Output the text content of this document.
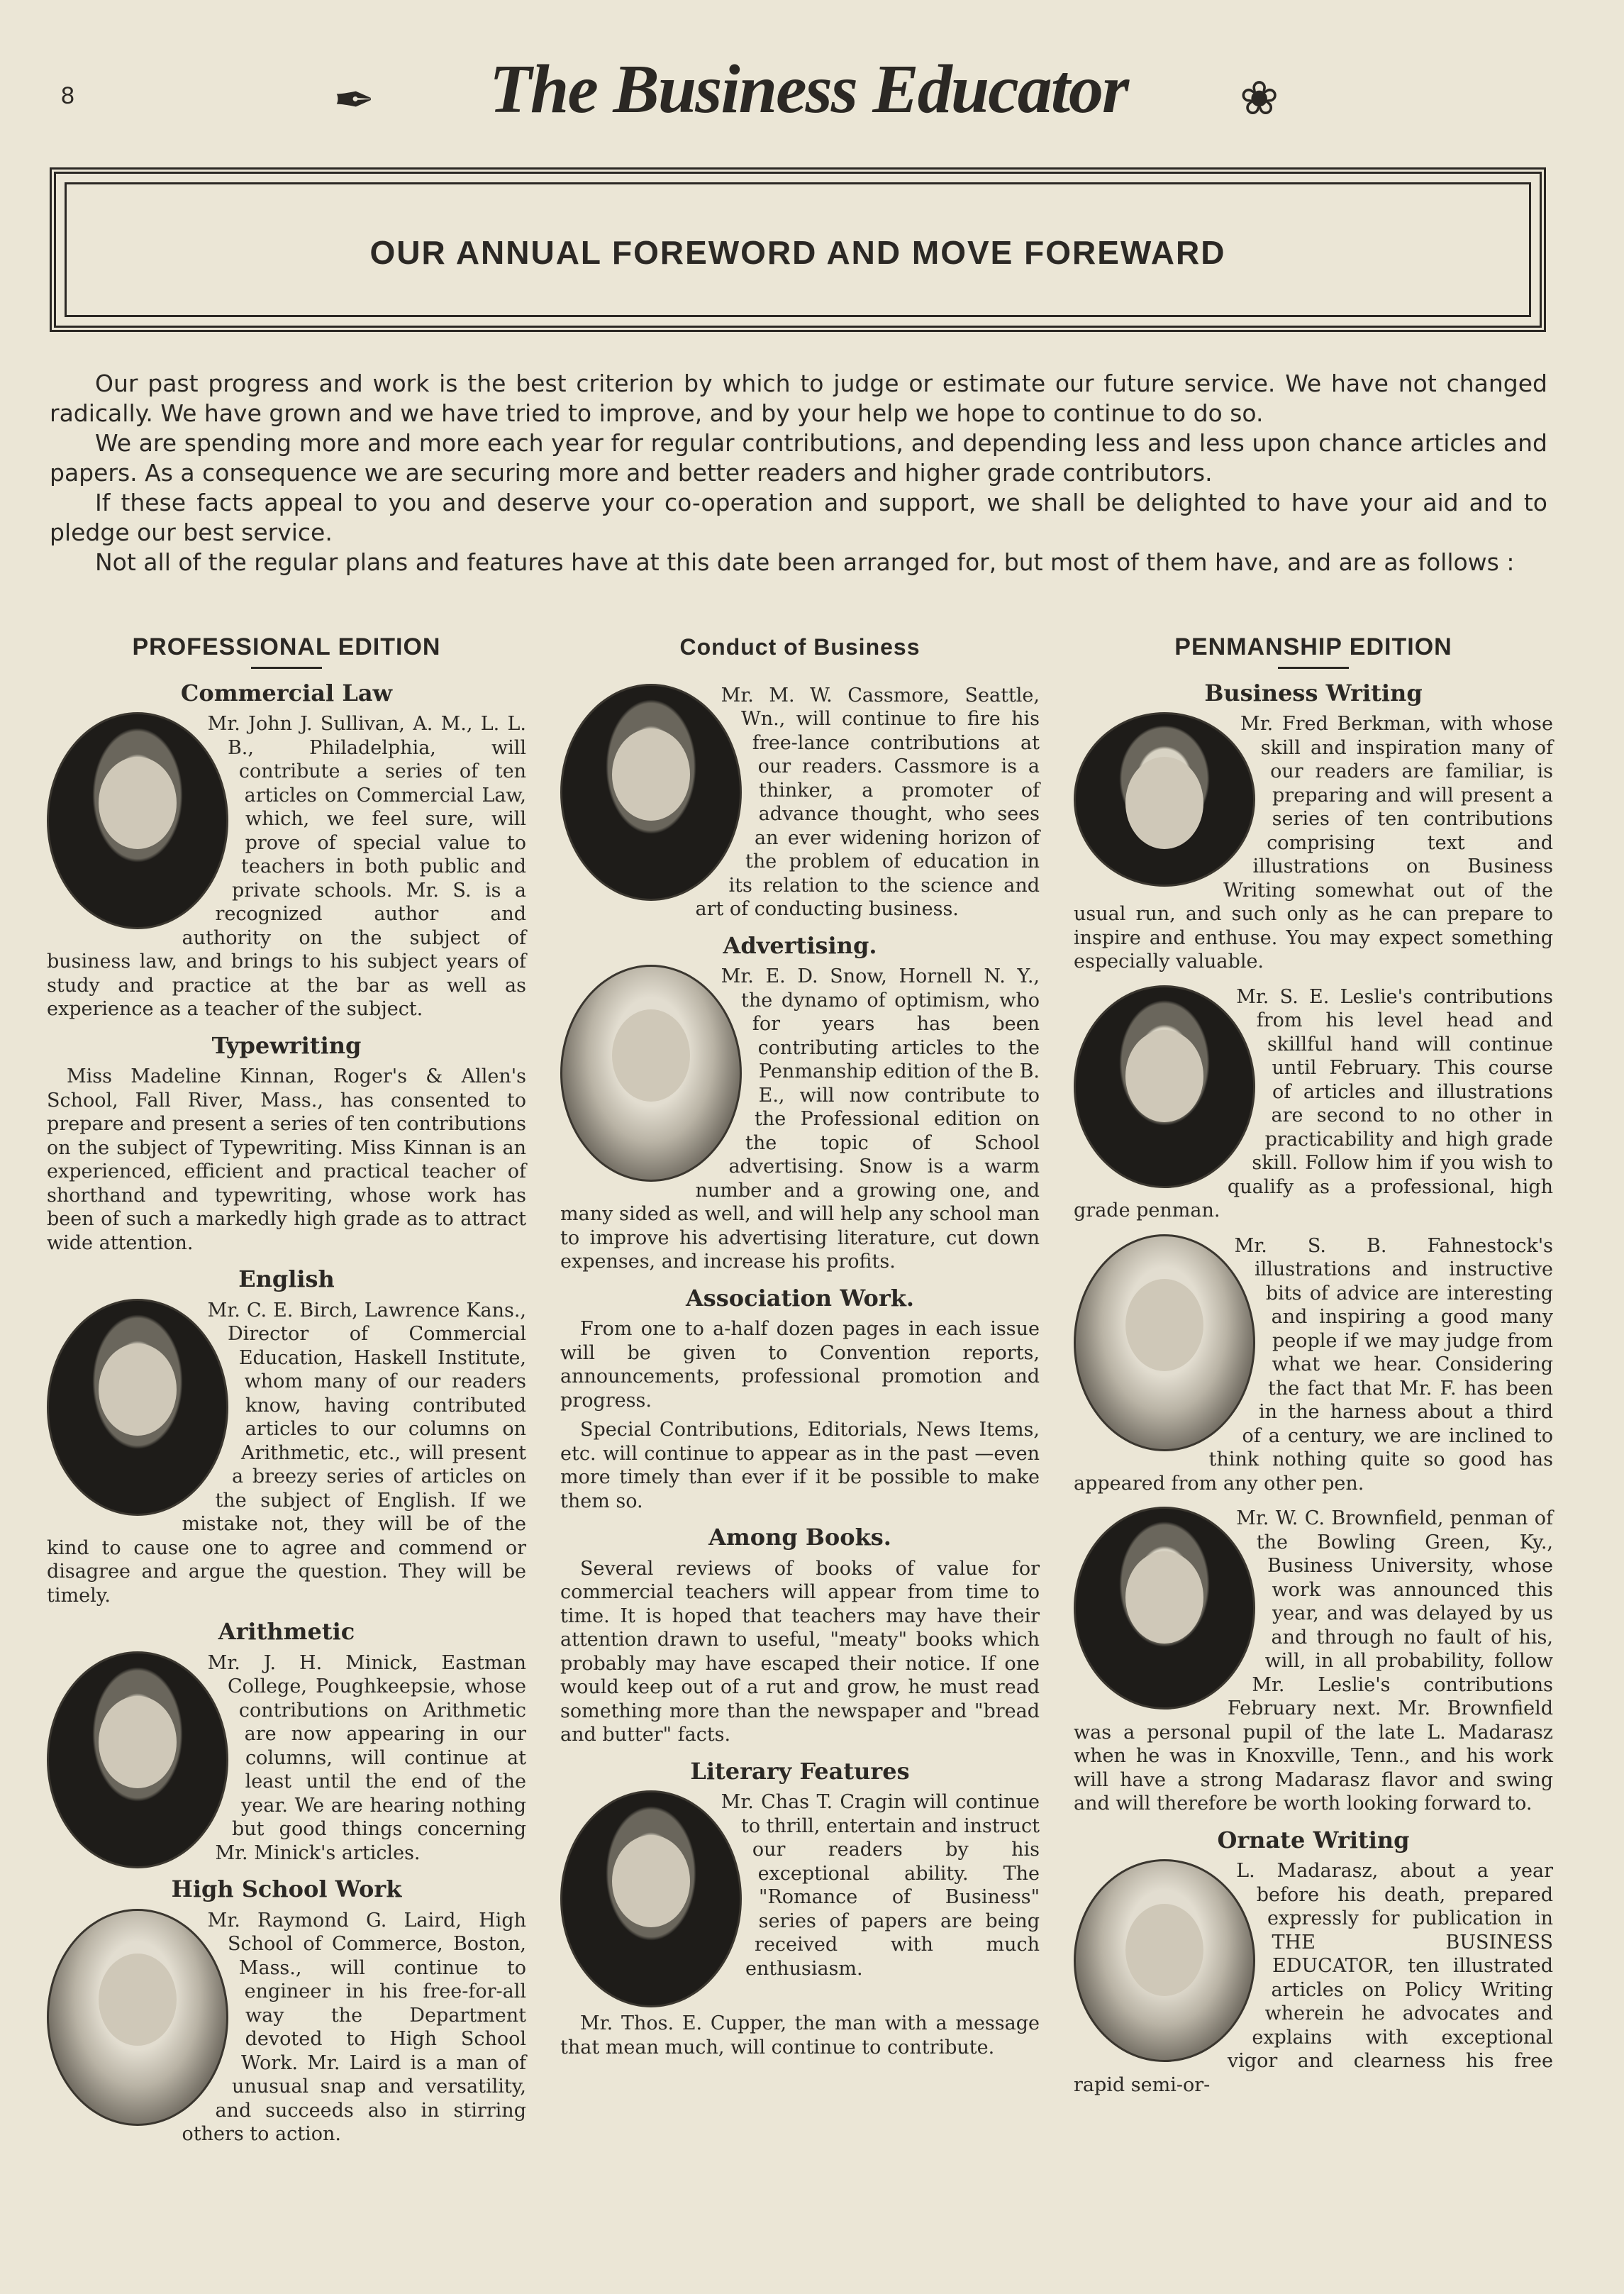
8	✒ The Business Educator ❀
OUR ANNUAL FOREWORD AND MOVE FOREWARD

Our past progress and work is the best criterion by which to judge or estimate our future service. We have not changed radically. We have grown and we have tried to improve, and by your help we hope to continue to do so.

We are spending more and more each year for regular contributions, and depending less and less upon chance articles and papers. As a consequence we are securing more and better readers and higher grade contributors.

If these facts appeal to you and deserve your co-operation and support, we shall be delighted to have your aid and to pledge our best service.

Not all of the regular plans and features have at this date been arranged for, but most of them have, and are as follows :

PROFESSIONAL EDITION
Commercial Law

Mr. John J. Sullivan, A. M., L. L. B., Philadelphia, will contribute a series of ten articles on Commercial Law, which, we feel sure, will prove of special value to teachers in both public and private schools. Mr. S. is a recognized author and authority on the subject of business law, and brings to his subject years of study and practice at the bar as well as experience as a teacher of the subject.

Typewriting

Miss Madeline Kinnan, Roger's & Allen's School, Fall River, Mass., has consented to prepare and present a series of ten contributions on the subject of Typewriting. Miss Kinnan is an experienced, efficient and practical teacher of shorthand and typewriting, whose work has been of such a markedly high grade as to attract wide attention.

English

Mr. C. E. Birch, Lawrence Kans., Director of Commercial Education, Haskell Institute, whom many of our readers know, having contributed articles to our columns on Arithmetic, etc., will present a breezy series of articles on the subject of English. If we mistake not, they will be of the kind to cause one to agree and commend or disagree and argue the question. They will be timely.

Arithmetic

Mr. J. H. Minick, Eastman College, Poughkeepsie, whose contributions on Arithmetic are now appearing in our columns, will continue at least until the end of the year. We are hearing nothing but good things concerning Mr. Minick's articles.

High School Work

Mr. Raymond G. Laird, High School of Commerce, Boston, Mass., will continue to engineer in his free-for-all way the Department devoted to High School Work. Mr. Laird is a man of unusual snap and versatility, and succeeds also in stirring others to action.

Conduct of Business

Mr. M. W. Cassmore, Seattle, Wn., will continue to fire his free-lance contributions at our readers. Cassmore is a thinker, a promoter of advance thought, who sees an ever widening horizon of the problem of education in its relation to the science and art of conducting business.

Advertising.

Mr. E. D. Snow, Hornell N. Y., the dynamo of optimism, who for years has been contributing articles to the Penmanship edition of the B. E., will now contribute to the Professional edition on the topic of School advertising. Snow is a warm number and a growing one, and many sided as well, and will help any school man to improve his advertising literature, cut down expenses, and increase his profits.

Association Work.

From one to a-half dozen pages in each issue will be given to Convention reports, announcements, professional promotion and progress.

Special Contributions, Editorials, News Items, etc. will continue to appear as in the past —even more timely than ever if it be possible to make them so.

Among Books.

Several reviews of books of value for commercial teachers will appear from time to time. It is hoped that teachers may have their attention drawn to useful, "meaty" books which probably may have escaped their notice. If one would keep out of a rut and grow, he must read something more than the newspaper and "bread and butter" facts.

Literary Features

Mr. Chas T. Cragin will continue to thrill, entertain and instruct our readers by his exceptional ability. The "Romance of Business" series of papers are being received with much enthusiasm.

Mr. Thos. E. Cupper, the man with a message that mean much, will continue to contribute.

PENMANSHIP EDITION
Business Writing

Mr. Fred Berkman, with whose skill and inspiration many of our readers are familiar, is preparing and will present a series of ten contributions comprising text and illustrations on Business Writing somewhat out of the usual run, and such only as he can prepare to inspire and enthuse. You may expect something especially valuable.

Mr. S. E. Leslie's contributions from his level head and skillful hand will continue until February. This course of articles and illustrations are second to no other in practicability and high grade skill. Follow him if you wish to qualify as a professional, high grade penman.

Mr. S. B. Fahnestock's illustrations and instructive bits of advice are interesting and inspiring a good many people if we may judge from what we hear. Considering the fact that Mr. F. has been in the harness about a third of a century, we are inclined to think nothing quite so good has appeared from any other pen.

Mr. W. C. Brownfield, penman of the Bowling Green, Ky., Business University, whose work was announced this year, and was delayed by us and through no fault of his, will, in all probability, follow Mr. Leslie's contributions February next. Mr. Brownfield was a personal pupil of the late L. Madarasz when he was in Knoxville, Tenn., and his work will have a strong Madarasz flavor and swing and will therefore be worth looking forward to.

Ornate Writing

L. Madarasz, about a year before his death, prepared expressly for publication in THE BUSINESS EDUCATOR, ten illustrated articles on Policy Writing wherein he advocates and explains with exceptional vigor and clearness his free rapid semi-or-
